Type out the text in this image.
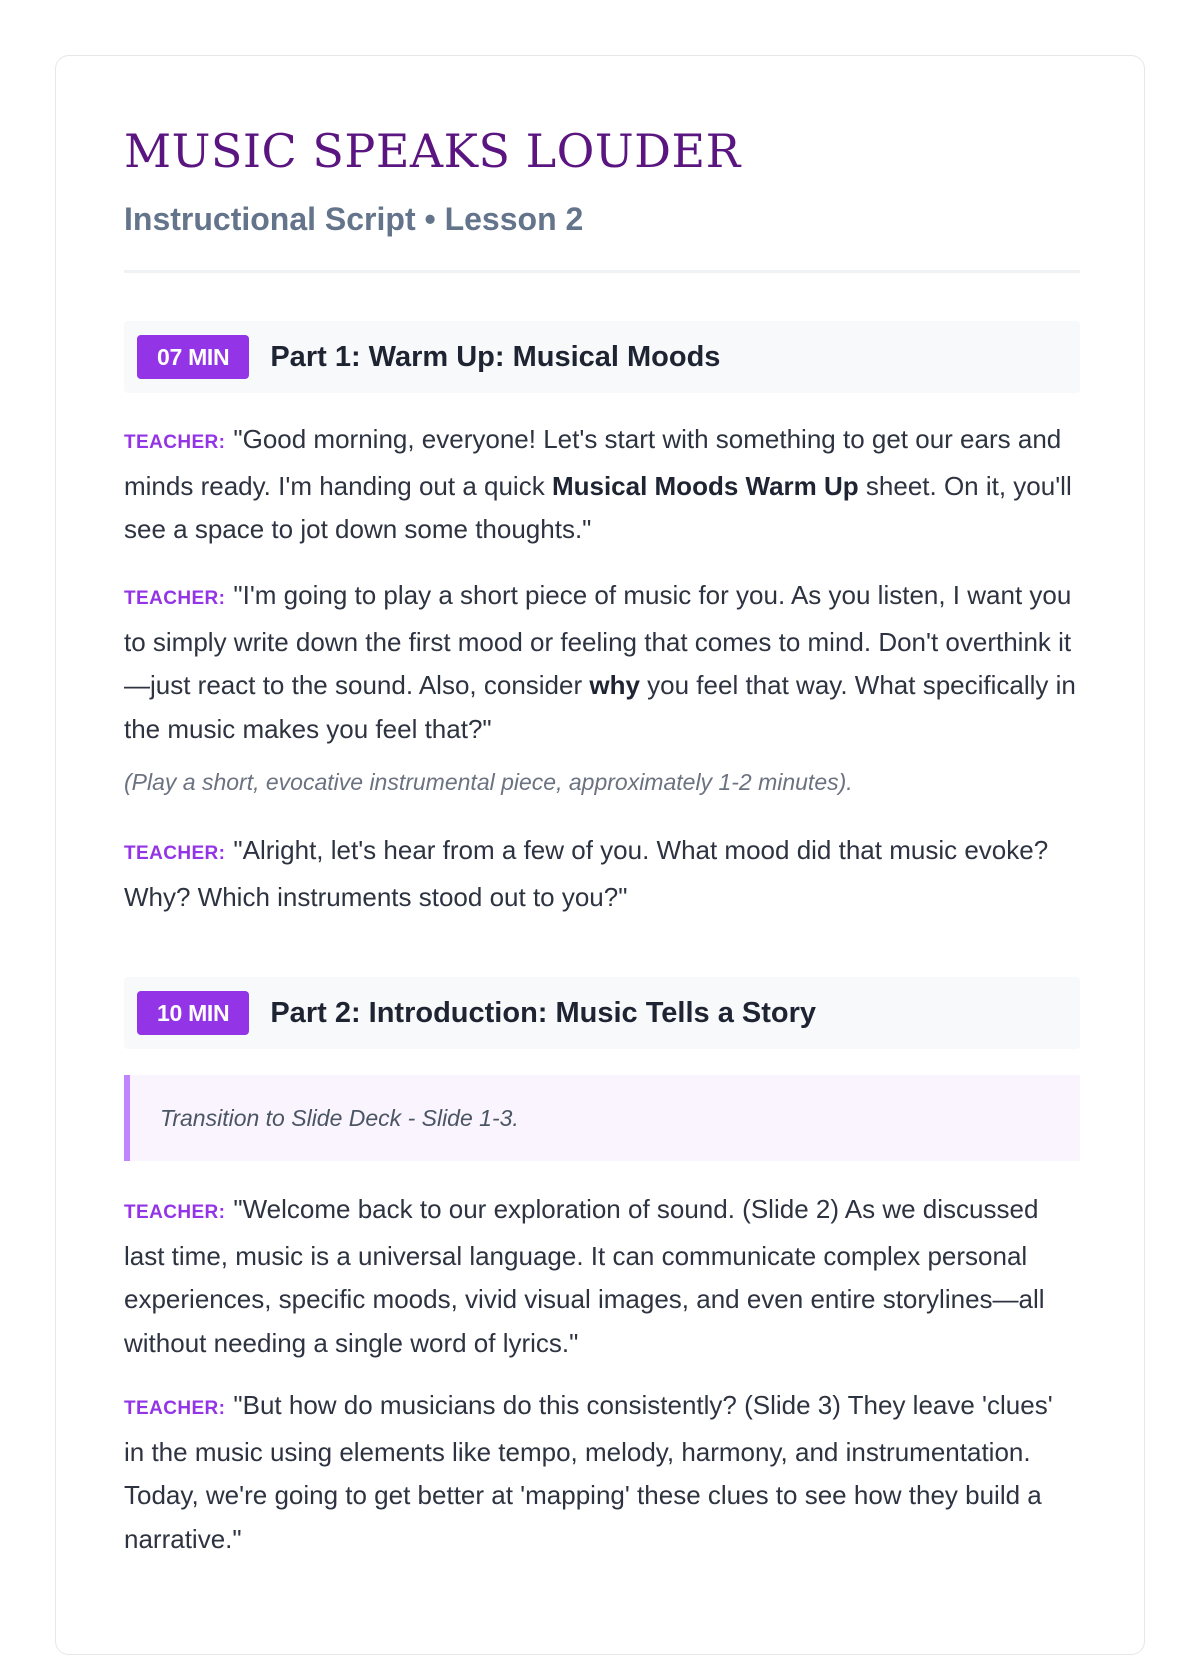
MUSIC SPEAKS LOUDER
Instructional Script • Lesson 2
07 MIN	Part 1: Warm Up: Musical Moods

TEACHER: "Good morning, everyone! Let's start with something to get our ears and minds ready. I'm handing out a quick Musical Moods Warm Up sheet. On it, you'll see a space to jot down some thoughts."

TEACHER: "I'm going to play a short piece of music for you. As you listen, I want you to simply write down the first mood or feeling that comes to mind. Don't overthink it—just react to the sound. Also, consider why you feel that way. What specifically in the music makes you feel that?"

(Play a short, evocative instrumental piece, approximately 1-2 minutes).

TEACHER: "Alright, let's hear from a few of you. What mood did that music evoke? Why? Which instruments stood out to you?"

10 MIN	Part 2: Introduction: Music Tells a Story
Transition to Slide Deck - Slide 1-3.

TEACHER: "Welcome back to our exploration of sound. (Slide 2) As we discussed last time, music is a universal language. It can communicate complex personal experiences, specific moods, vivid visual images, and even entire storylines—all without needing a single word of lyrics."

TEACHER: "But how do musicians do this consistently? (Slide 3) They leave 'clues' in the music using elements like tempo, melody, harmony, and instrumentation. Today, we're going to get better at 'mapping' these clues to see how they build a narrative."
